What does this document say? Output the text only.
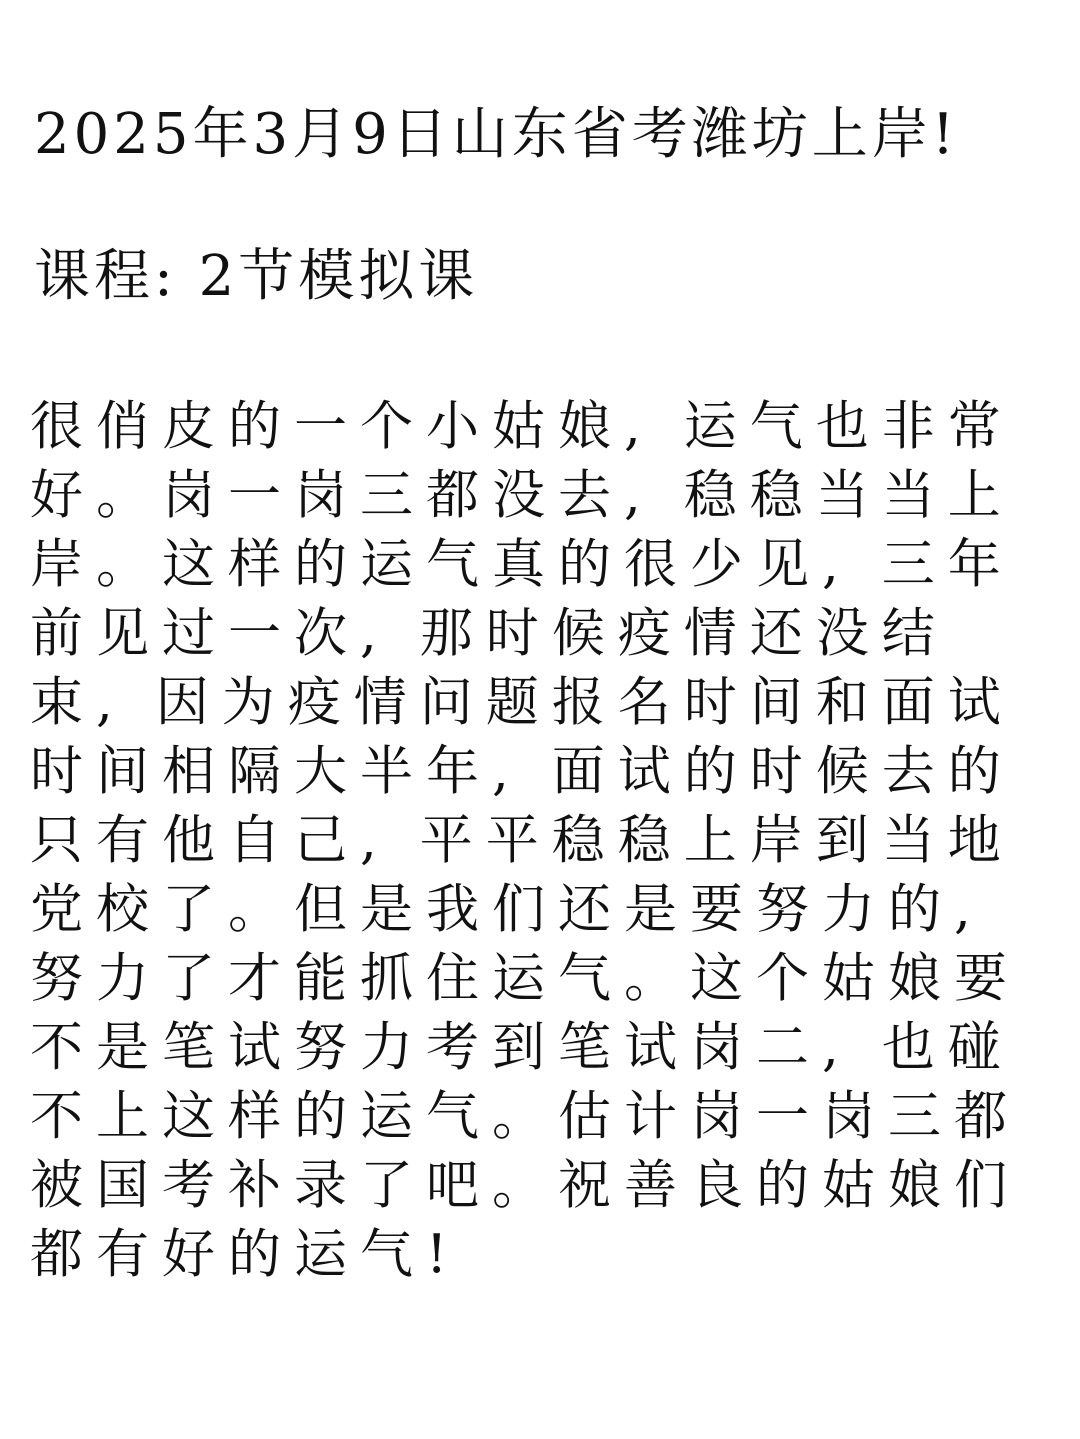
2025年3月9日山东省考潍坊上岸!
课程: 2节模拟课
很俏皮的一个小姑娘, 运气也非常
好。岗一岗三都没去, 稳稳当当上
岸。这样的运气真的很少见, 三年
前见过一次, 那时候疫情还没结
束, 因为疫情问题报名时间和面试
时间相隔大半年, 面试的时候去的
只有他自己, 平平稳稳上岸到当地
党校了。但是我们还是要努力的,
努力了才能抓住运气。这个姑娘要
不是笔试努力考到笔试岗二, 也碰
不上这样的运气。估计岗一岗三都
被国考补录了吧。祝善良的姑娘们
都有好的运气!
